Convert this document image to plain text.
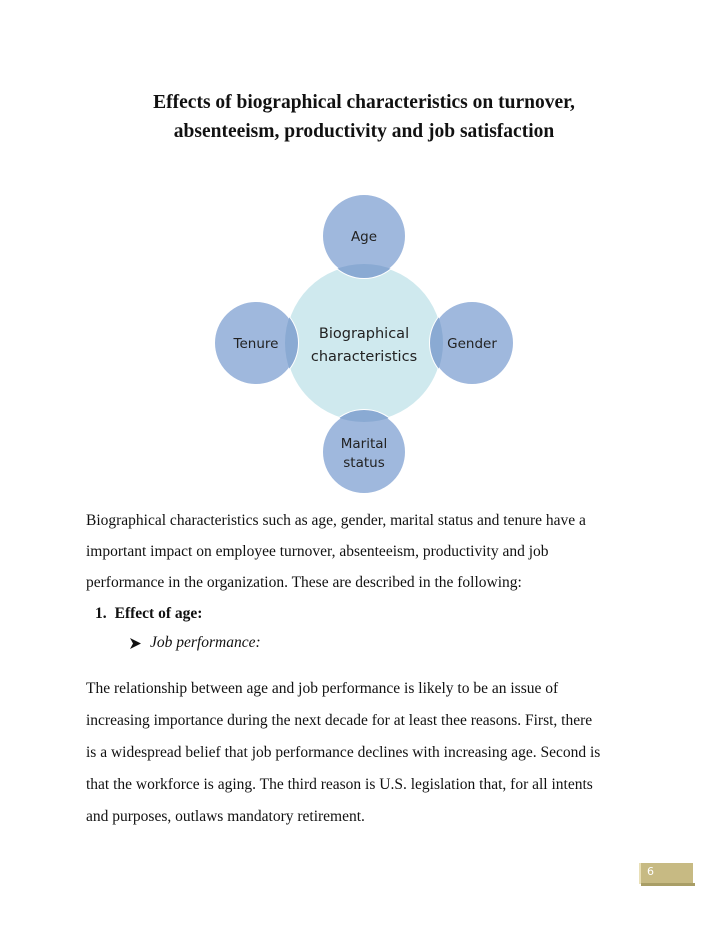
Effects of biographical characteristics on turnover,
absenteeism, productivity and job satisfaction
Biographical
characteristics
Age
Gender
Marital
status
Tenure
Biographical characteristics such as age, gender, marital status and tenure have a
important impact on employee turnover, absenteeism, productivity and job
performance in the organization. These are described in the following:
1. Effect of age:
Job performance:
The relationship between age and job performance is likely to be an issue of
increasing importance during the next decade for at least thee reasons. First, there
is a widespread belief that job performance declines with increasing age. Second is
that the workforce is aging. The third reason is U.S. legislation that, for all intents
and purposes, outlaws mandatory retirement.
6
